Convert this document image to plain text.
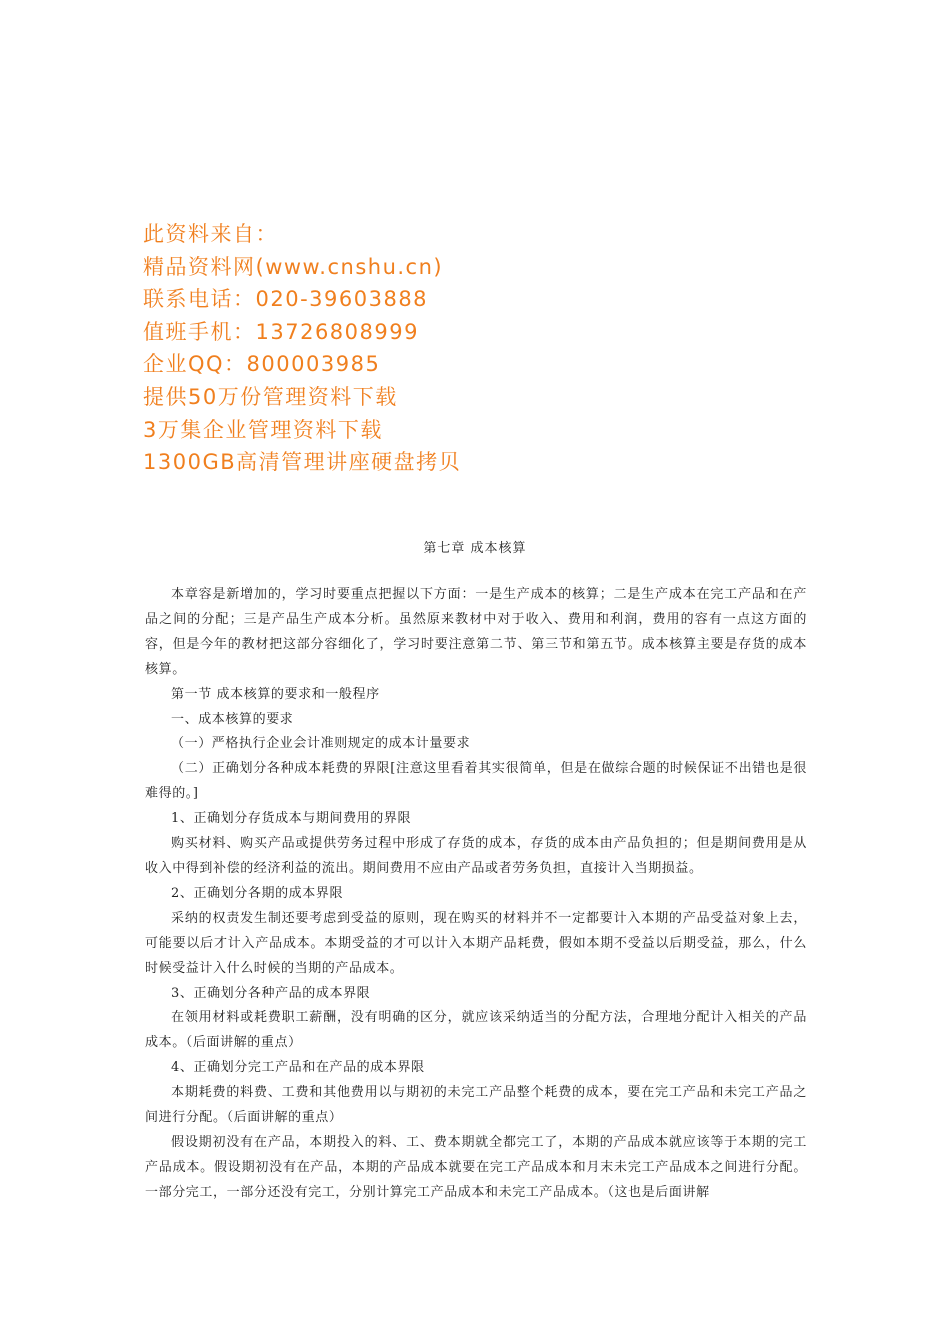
此资料来自：
精品资料网(www.cnshu.cn)
联系电话：020-39603888
值班手机：13726808999
企业QQ：800003985
提供50万份管理资料下载
3万集企业管理资料下载
1300GB高清管理讲座硬盘拷贝
第七章 成本核算

本章容是新增加的，学习时要重点把握以下方面：一是生产成本的核算；二是生产成本在完工产品和在产品之间的分配；三是产品生产成本分析。虽然原来教材中对于收入、费用和利润，费用的容有一点这方面的容，但是今年的教材把这部分容细化了，学习时要注意第二节、第三节和第五节。成本核算主要是存货的成本核算。

第一节 成本核算的要求和一般程序

一、成本核算的要求

（一）严格执行企业会计准则规定的成本计量要求

（二）正确划分各种成本耗费的界限[注意这里看着其实很简单，但是在做综合题的时候保证不出错也是很难得的。]

1、正确划分存货成本与期间费用的界限

购买材料、购买产品或提供劳务过程中形成了存货的成本，存货的成本由产品负担的；但是期间费用是从收入中得到补偿的经济利益的流出。期间费用不应由产品或者劳务负担，直接计入当期损益。

2、正确划分各期的成本界限

采纳的权责发生制还要考虑到受益的原则，现在购买的材料并不一定都要计入本期的产品受益对象上去，可能要以后才计入产品成本。本期受益的才可以计入本期产品耗费，假如本期不受益以后期受益，那么，什么时候受益计入什么时候的当期的产品成本。

3、正确划分各种产品的成本界限

在领用材料或耗费职工薪酬，没有明确的区分，就应该采纳适当的分配方法，合理地分配计入相关的产品成本。（后面讲解的重点）

4、正确划分完工产品和在产品的成本界限

本期耗费的料费、工费和其他费用以与期初的未完工产品整个耗费的成本，要在完工产品和未完工产品之间进行分配。（后面讲解的重点）

假设期初没有在产品，本期投入的料、工、费本期就全都完工了，本期的产品成本就应该等于本期的完工产品成本。假设期初没有在产品，本期的产品成本就要在完工产品成本和月末未完工产品成本之间进行分配。一部分完工，一部分还没有完工，分别计算完工产品成本和未完工产品成本。（这也是后面讲解
